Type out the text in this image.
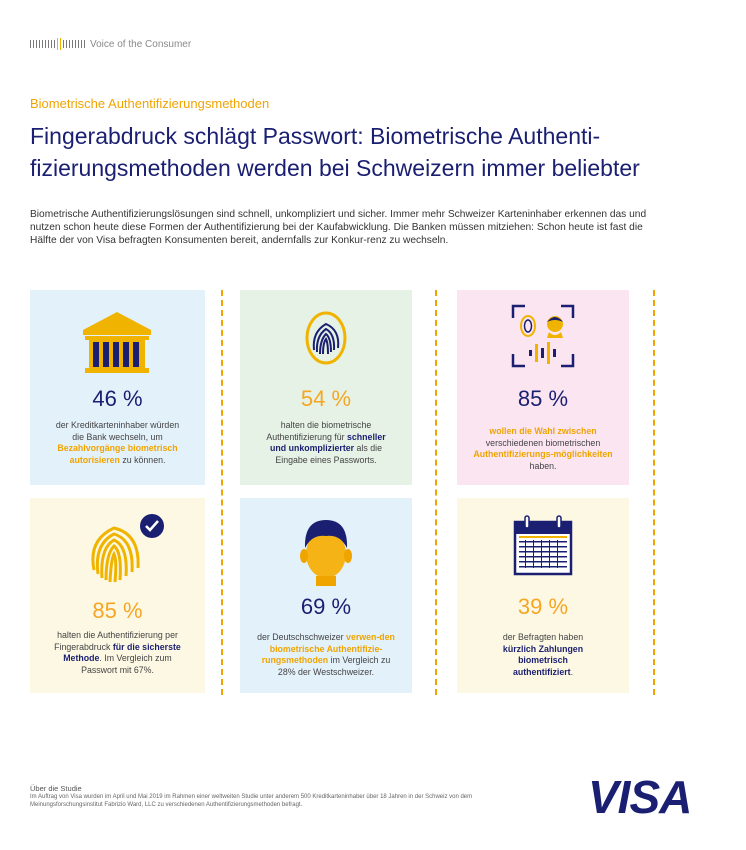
Voice of the Consumer
Biometrische Authentifizierungsmethoden
Fingerabdruck schlägt Passwort: Biometrische Authenti-
fizierungsmethoden werden bei Schweizern immer beliebter

Biometrische Authentifizierungslösungen sind schnell, unkompliziert und sicher. Immer mehr Schweizer Karteninhaber erkennen das und nutzen schon heute diese Formen der Authentifizierung bei der Kaufabwicklung. Die Banken müssen mitziehen: Schon heute ist fast die Hälfte der von Visa befragten Konsumenten bereit, andernfalls zur Konkur-renz zu wechseln.

46 %
der Kreditkarteninhaber würden die Bank wechseln, um Bezahlvorgänge biometrisch autorisieren zu können.
54 %
halten die biometrische Authentifizierung für schneller und unkomplizierter als die Eingabe eines Passworts.
85 %
wollen die Wahl zwischen verschiedenen biometrischen Authentifizierungs-möglichkeiten haben.
85 %
halten die Authentifizierung per Fingerabdruck für die sicherste Methode. Im Vergleich zum Passwort mit 67%.
69 %
der Deutschschweizer verwen-den biometrische Authentifizie-rungsmethoden im Vergleich zu 28% der Westschweizer.
39 %
der Befragten haben kürzlich Zahlungen biometrisch authentifiziert.
Über die Studie
Im Auftrag von Visa wurden im April und Mai 2019 im Rahmen einer weltweiten Studie unter anderem 500 Kreditkarteninhaber über 18 Jahren in der Schweiz von dem Meinungsforschungsinstitut Fabrizio Ward, LLC zu verschiedenen Authentifizierungsmethoden befragt.	VISA
